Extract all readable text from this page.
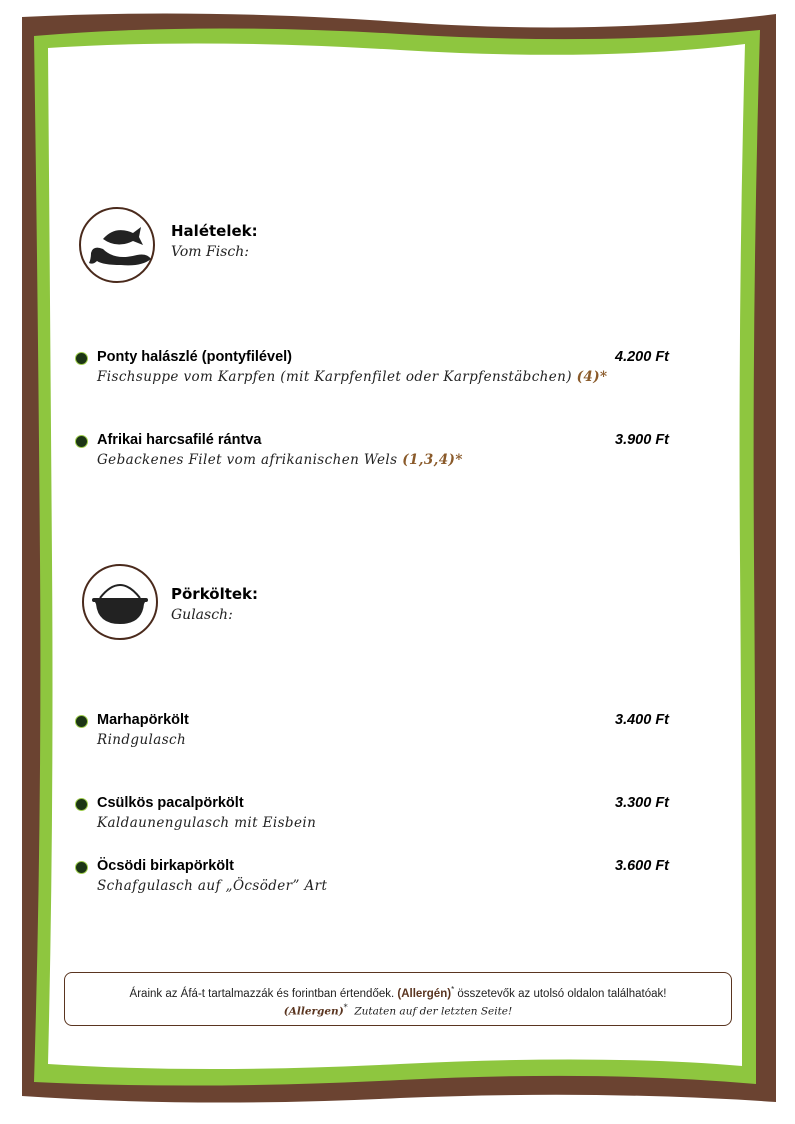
Halételek:
Vom Fisch:
Ponty halászlé (pontyfilével)	4.200 Ft
Fischsuppe vom Karpfen (mit Karpfenfilet oder Karpfenstäbchen) (4)*
Afrikai harcsafilé rántva	3.900 Ft
Gebackenes Filet vom afrikanischen Wels (1,3,4)*
Pörköltek:
Gulasch:
Marhapörkölt	3.400 Ft
Rindgulasch
Csülkös pacalpörkölt	3.300 Ft
Kaldaunengulasch mit Eisbein
Öcsödi birkapörkölt	3.600 Ft
Schafgulasch auf „Öcsöder” Art
Áraink az Áfá-t tartalmazzák és forintban értendőek. (Allergén)* összetevők az utolsó oldalon találhatóak!
(Allergen)* Zutaten auf der letzten Seite!
